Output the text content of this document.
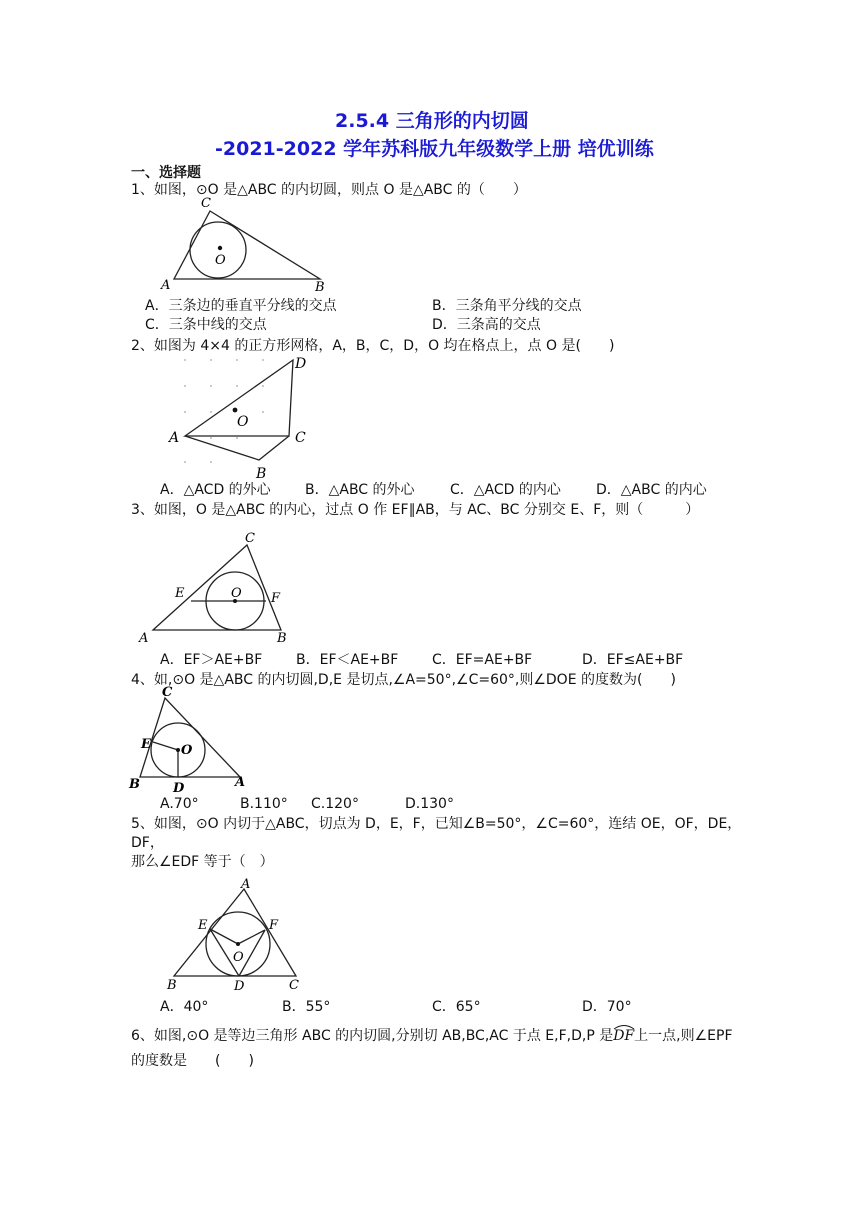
2.5.4 三角形的内切圆
-2021-2022 学年苏科版九年级数学上册 培优训练
一、选择题
1、如图，⊙O 是△ABC 的内切圆，则点 O 是△ABC 的（　　）
C
O
A	B
A．三条边的垂直平分线的交点	B．三条角平分线的交点
C．三条中线的交点	D．三条高的交点
2、如图为 4×4 的正方形网格，A，B，C，D，O 均在格点上，点 O 是(　　)
D
O
A	C
B
A．△ACD 的外心 B．△ABC 的外心	C．△ACD 的内心	D．△ABC 的内心
3、如图，O 是△ABC 的内心，过点 O 作 EF∥AB，与 AC、BC 分别交 E、F，则（　　　）
C
E	O F
A	B
A．EF＞AE+BF B．EF＜AE+BF C．EF=AE+BF	D．EF≤AE+BF
4、如,⊙O 是△ABC 的内切圆,D,E 是切点,∠A=50°,∠C=60°,则∠DOE 的度数为(　　)
C
E O
B	D	A
A.70°	B.110° C.120°	D.130°
5、如图，⊙O 内切于△ABC，切点为 D，E，F，已知∠B=50°，∠C=60°，连结 OE，OF，DE，
DF，
那么∠EDF 等于（　）
A
E	F
O
B	D	C
A．40°	B．55°	C．65°	D．70°
6、如图,⊙O 是等边三角形 ABC 的内切圆,分别切 AB,BC,AC 于点 E,F,D,P 是
DF上一点,则∠EPF
的度数是　　(　　)
